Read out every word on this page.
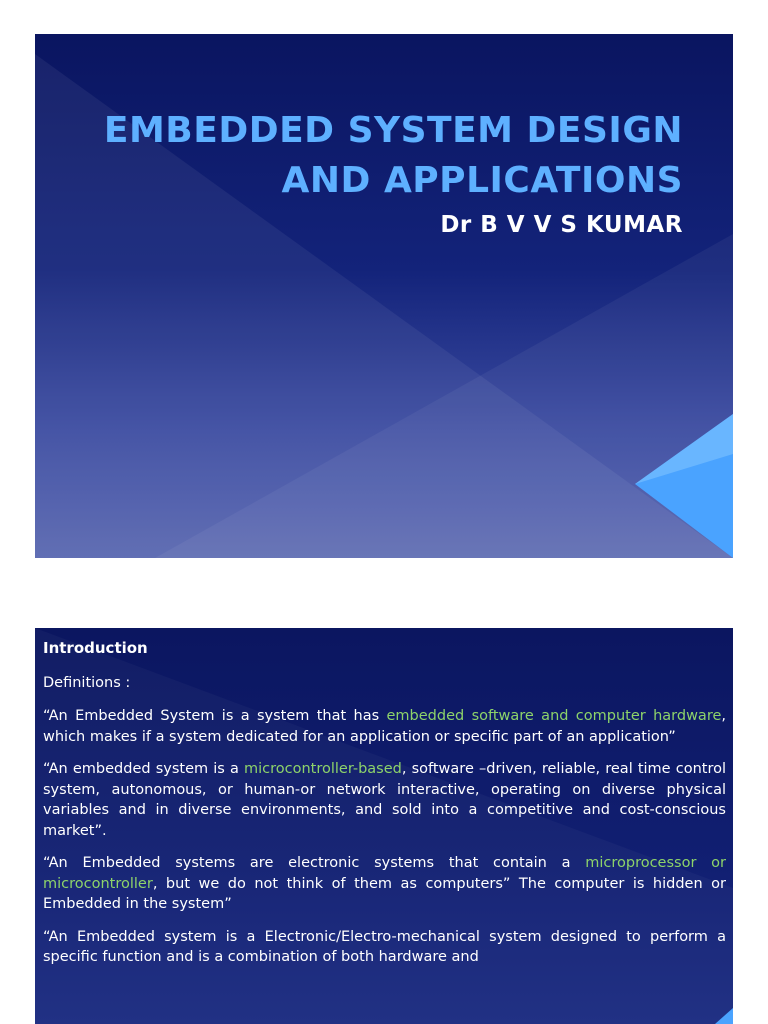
EMBEDDED SYSTEM DESIGN
AND APPLICATIONS
Dr B V V S KUMAR

Introduction

Definitions :

“An Embedded System is a system that has embedded software and computer hardware, which makes if a system dedicated for an application or specific part of an application”

“An embedded system is a microcontroller-based, software –driven, reliable, real time control system, autonomous, or human-or network interactive, operating on diverse physical variables and in diverse environments, and sold into a competitive and cost-conscious market”.

“An Embedded systems are electronic systems that contain a microprocessor or microcontroller, but we do not think of them as computers” The computer is hidden or Embedded in the system”

“An Embedded system is a Electronic/Electro-mechanical system designed to perform a specific function and is a combination of both hardware and
